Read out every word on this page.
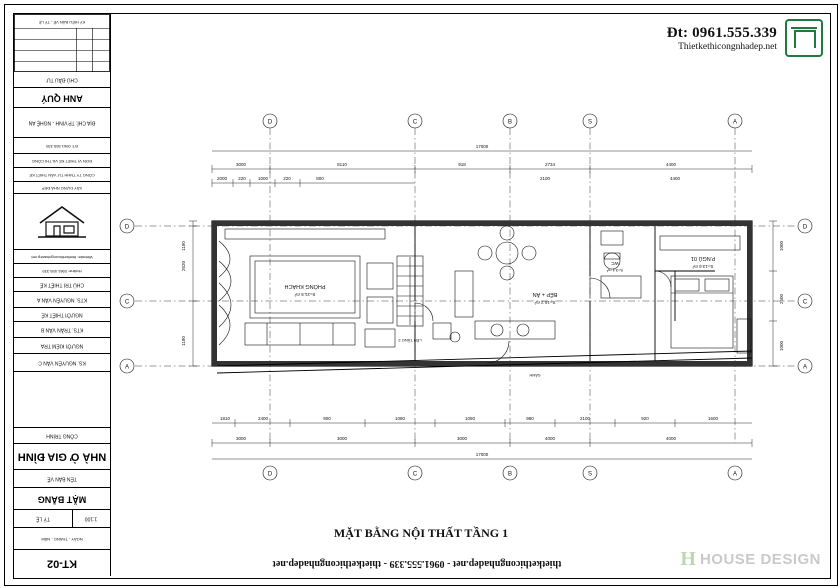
KÝ HIỆU BẢN VẼ - TỶ LỆ
CHỦ ĐẦU TƯ
ANH QUÝ
ĐỊA CHỈ: TP.VINH - NGHỆ AN
ĐT: 0961.555.339
ĐƠN VỊ THIẾT KẾ VÀ THI CÔNG
CÔNG TY TNHH TƯ VẤN THIẾT KẾ
XÂY DỰNG NHÀ ĐẸP
Website: thietkethicongnhadep.net
Hotline: 0961.555.339
CHỦ TRÌ THIẾT KẾ
KTS. NGUYỄN VĂN A
NGƯỜI THIẾT KẾ
KTS. TRẦN VĂN B
NGƯỜI KIỂM TRA
KS. NGUYỄN VĂN C
CÔNG TRÌNH
NHÀ Ở GIA ĐÌNH
TÊN BẢN VẼ
MẶT BẰNG
TỶ LỆ	1:100
NGÀY - THÁNG - NĂM
KT-02
Đt: 0961.555.339
Thietkethicongnhadep.net
D	C	B	S	A
D	C	B	S	A
D
C
A
D
C
A
17000
3000	8110	918	2734	4400
2000 220	1000	220	800	2100	4400
17000
3000	3000	3000	4000	4000
1810	2400	900	1080	1050	980	2100	920	1600
1180
2620
1180
1000
2500
1000
PHÒNG KHÁCH
S=21.5 m²	BẾP + ĂN
S=16.2 m²
P.NGỦ 01
S=13.6 m²
WC
S=3.4 m²
LÊN TẦNG 2
SẢNH
MẶT BẰNG NỘI THẤT TẦNG 1
thietkethicongnhadep.net - 0961.555.339 - thietkethicongnhadep.net	H HOUSE DESIGN
